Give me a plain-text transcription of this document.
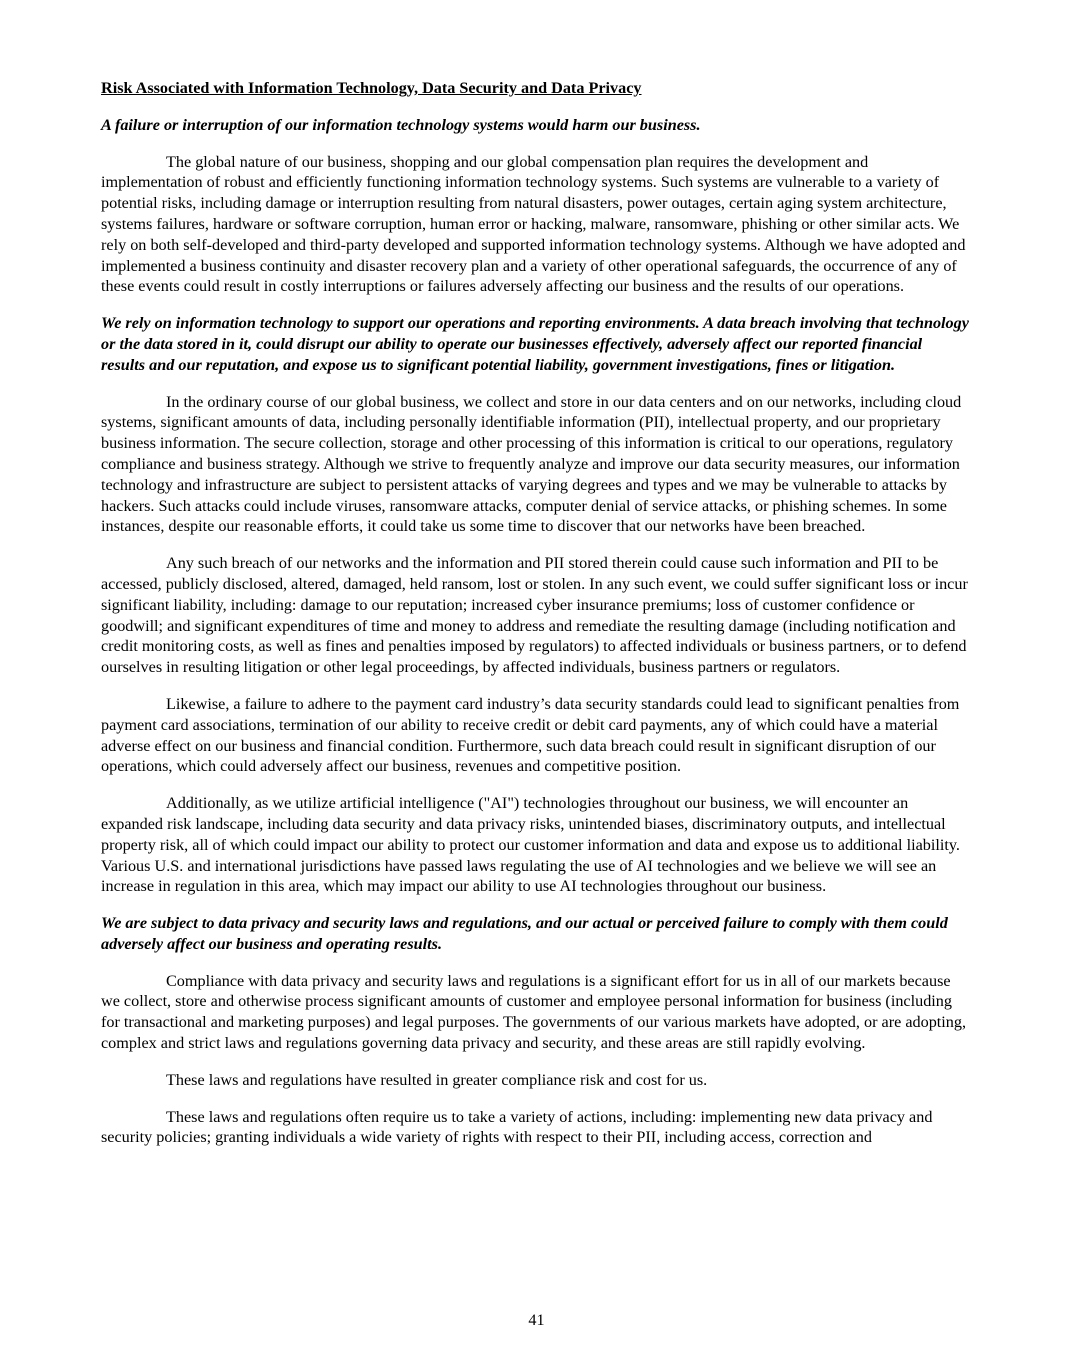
Risk Associated with Information Technology, Data Security and Data Privacy
A failure or interruption of our information technology systems would harm our business.
The global nature of our business, shopping and our global compensation plan requires the development and implementation of robust and efficiently functioning information technology systems. Such systems are vulnerable to a variety of potential risks, including damage or interruption resulting from natural disasters, power outages, certain aging system architecture, systems failures, hardware or software corruption, human error or hacking, malware, ransomware, phishing or other similar acts. We rely on both self-developed and third-party developed and supported information technology systems. Although we have adopted and implemented a business continuity and disaster recovery plan and a variety of other operational safeguards, the occurrence of any of these events could result in costly interruptions or failures adversely affecting our business and the results of our operations.
We rely on information technology to support our operations and reporting environments. A data breach involving that technology or the data stored in it, could disrupt our ability to operate our businesses effectively, adversely affect our reported financial results and our reputation, and expose us to significant potential liability, government investigations, fines or litigation.
In the ordinary course of our global business, we collect and store in our data centers and on our networks, including cloud systems, significant amounts of data, including personally identifiable information (PII), intellectual property, and our proprietary business information. The secure collection, storage and other processing of this information is critical to our operations, regulatory compliance and business strategy. Although we strive to frequently analyze and improve our data security measures, our information technology and infrastructure are subject to persistent attacks of varying degrees and types and we may be vulnerable to attacks by hackers. Such attacks could include viruses, ransomware attacks, computer denial of service attacks, or phishing schemes. In some instances, despite our reasonable efforts, it could take us some time to discover that our networks have been breached.
Any such breach of our networks and the information and PII stored therein could cause such information and PII to be accessed, publicly disclosed, altered, damaged, held ransom, lost or stolen. In any such event, we could suffer significant loss or incur significant liability, including: damage to our reputation; increased cyber insurance premiums; loss of customer confidence or goodwill; and significant expenditures of time and money to address and remediate the resulting damage (including notification and credit monitoring costs, as well as fines and penalties imposed by regulators) to affected individuals or business partners, or to defend ourselves in resulting litigation or other legal proceedings, by affected individuals, business partners or regulators.
Likewise, a failure to adhere to the payment card industry’s data security standards could lead to significant penalties from payment card associations, termination of our ability to receive credit or debit card payments, any of which could have a material adverse effect on our business and financial condition. Furthermore, such data breach could result in significant disruption of our operations, which could adversely affect our business, revenues and competitive position.
Additionally, as we utilize artificial intelligence ("AI") technologies throughout our business, we will encounter an expanded risk landscape, including data security and data privacy risks, unintended biases, discriminatory outputs, and intellectual property risk, all of which could impact our ability to protect our customer information and data and expose us to additional liability. Various U.S. and international jurisdictions have passed laws regulating the use of AI technologies and we believe we will see an increase in regulation in this area, which may impact our ability to use AI technologies throughout our business.
We are subject to data privacy and security laws and regulations, and our actual or perceived failure to comply with them could adversely affect our business and operating results.
Compliance with data privacy and security laws and regulations is a significant effort for us in all of our markets because we collect, store and otherwise process significant amounts of customer and employee personal information for business (including for transactional and marketing purposes) and legal purposes. The governments of our various markets have adopted, or are adopting, complex and strict laws and regulations governing data privacy and security, and these areas are still rapidly evolving.
These laws and regulations have resulted in greater compliance risk and cost for us.
These laws and regulations often require us to take a variety of actions, including: implementing new data privacy and security policies; granting individuals a wide variety of rights with respect to their PII, including access, correction and
41
